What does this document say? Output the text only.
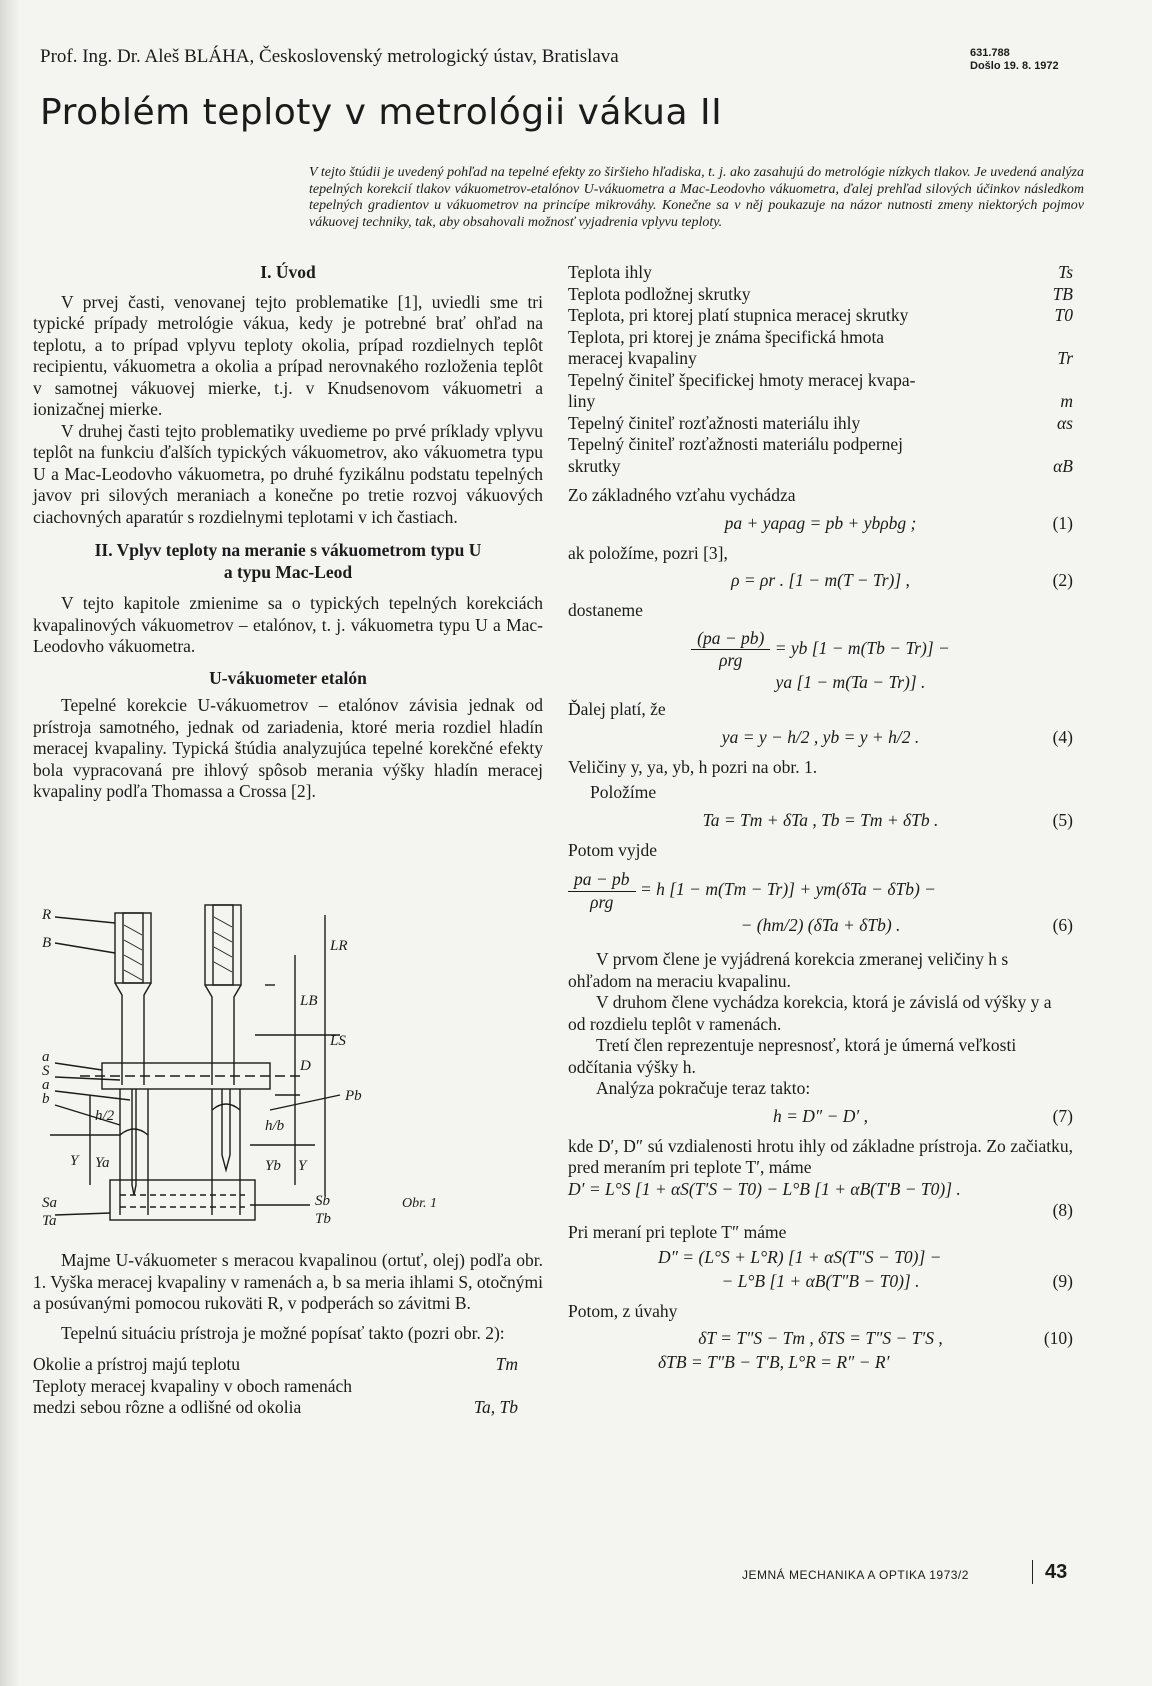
Prof. Ing. Dr. Aleš BLÁHA, Československý metrologický ústav, Bratislava	631.788
Došlo 19. 8. 1972
Problém teploty v metrológii vákua II
V tejto štúdii je uvedený pohľad na tepelné efekty zo širšieho hľadiska, t. j. ako zasahujú do metrológie nízkych tlakov. Je uvedená analýza tepelných korekcií tlakov vákuometrov-etalónov U-vákuometra a Mac-Leodovho vákuometra, ďalej prehľad silových účinkov následkom tepelných gradientov u vákuometrov na princípe mikrováhy. Konečne sa v něj poukazuje na názor nutnosti zmeny niektorých pojmov vákuovej techniky, tak, aby obsahovali možnosť vyjadrenia vplyvu teploty.
I. Úvod

V prvej časti, venovanej tejto problematike [1], uviedli sme tri typické prípady metrológie vákua, kedy je potrebné brať ohľad na teplotu, a to prípad vplyvu teploty okolia, prípad rozdielnych teplôt recipientu, vákuometra a okolia a prípad nerovnakého rozloženia teplôt v samotnej vákuovej mierke, t.j. v Knudsenovom vákuometri a ionizačnej mierke.

V druhej časti tejto problematiky uvedieme po prvé príklady vplyvu teplôt na funkciu ďalších typických vákuometrov, ako vákuometra typu U a Mac-Leodovho vákuometra, po druhé fyzikálnu podstatu tepelných javov pri silových meraniach a konečne po tretie rozvoj vákuových ciachovných aparatúr s rozdielnymi teplotami v ich častiach.

II. Vplyv teploty na meranie s vákuometrom typu U
a typu Mac-Leod

V tejto kapitole zmienime sa o typických tepelných korekciách kvapalinových vákuometrov – etalónov, t. j. vákuometra typu U a Mac-Leodovho vákuometra.

U-vákuometer etalón

Tepelné korekcie U-vákuometrov – etalónov závisia jednak od prístroja samotného, jednak od zariadenia, ktoré meria rozdiel hladín meracej kvapaliny. Typická štúdia analyzujúca tepelné korekčné efekty bola vypracovaná pre ihlový spôsob merania výšky hladín meracej kvapaliny podľa Thomassa a Crossa [2].

R
B
a
S
a
b
h/2
Y Ya
Sa
Ta
LR
LB
LS
D
h/b
Yb Y
Pb
Sb
Tb
Obr. 1

Majme U-vákuometer s meracou kvapalinou (ortuť, olej) podľa obr. 1. Vyška meracej kvapaliny v ramenách a, b sa meria ihlami S, otočnými a posúvanými pomocou rukoväti R, v podperách so závitmi B.

Tepelnú situáciu prístroja je možné popísať takto (pozri obr. 2):

Okolie a prístroj majú teplotu	Tm
Teploty meracej kvapaliny v oboch ramenách
medzi sebou rôzne a odlišné od okolia	Ta, Tb
Teplota ihly	Ts
Teplota podložnej skrutky	TB
Teplota, pri ktorej platí stupnica meracej skrutky	T0
Teplota, pri ktorej je známa špecifická hmota
meracej kvapaliny	Tr
Tepelný činiteľ špecifickej hmoty meracej kvapa-
liny	m
Tepelný činiteľ rozťažnosti materiálu ihly	αs
Tepelný činiteľ rozťažnosti materiálu podpernej
skrutky	αB

Zo základného vzťahu vychádza

pa + yaρag = pb + ybρbg ;	(1)

ak položíme, pozri [3],

ρ = ρr . [1 − m(T − Tr)] ,	(2)

dostaneme

$\frac{(pa - pb)}{\text{ρrg}}$ = yb [1 − m(Tb − Tr)] −
ya [1 − m(Ta − Tr)] .

Ďalej platí, že

ya = y − h/2 , yb = y + h/2 .	(4)

Veličiny y, ya, yb, h pozri na obr. 1.

Položíme

Ta = Tm + δTa , Tb = Tm + δTb .	(5)

Potom vyjde

$\frac{pa - pb}{\text{ρrg}} = h$ [1 − m(Tm − Tr)] + ym(δTa − δTb) −
− (hm/2) (δTa + δTb) .	(6)

V prvom člene je vyjádrená korekcia zmeranej veličiny h s ohľadom na meraciu kvapalinu.

V druhom člene vychádza korekcia, ktorá je závislá od výšky y a od rozdielu teplôt v ramenách.

Tretí člen reprezentuje nepresnosť, ktorá je úmerná veľkosti odčítania výšky h.

Analýza pokračuje teraz takto:

h = D″ − D′ ,	(7)

kde D′, D″ sú vzdialenosti hrotu ihly od základne prístroja. Zo začiatku, pred meraním pri teplote T′, máme

D′ = L°S [1 + αS(T′S − T0) − L°B [1 + αB(T′B − T0)] .
(8)

Pri meraní pri teplote T″ máme

D″ = (L°S + L°R) [1 + αS(T″S − T0)] −
− L°B [1 + αB(T″B − T0)] .	(9)

Potom, z úvahy

δT = T″S − Tm , δTS = T″S − T′S ,	(10)
δTB = T″B − T′B, L°R = R″ − R′
JEMNÁ MECHANIKA A OPTIKA 1973/2	43
